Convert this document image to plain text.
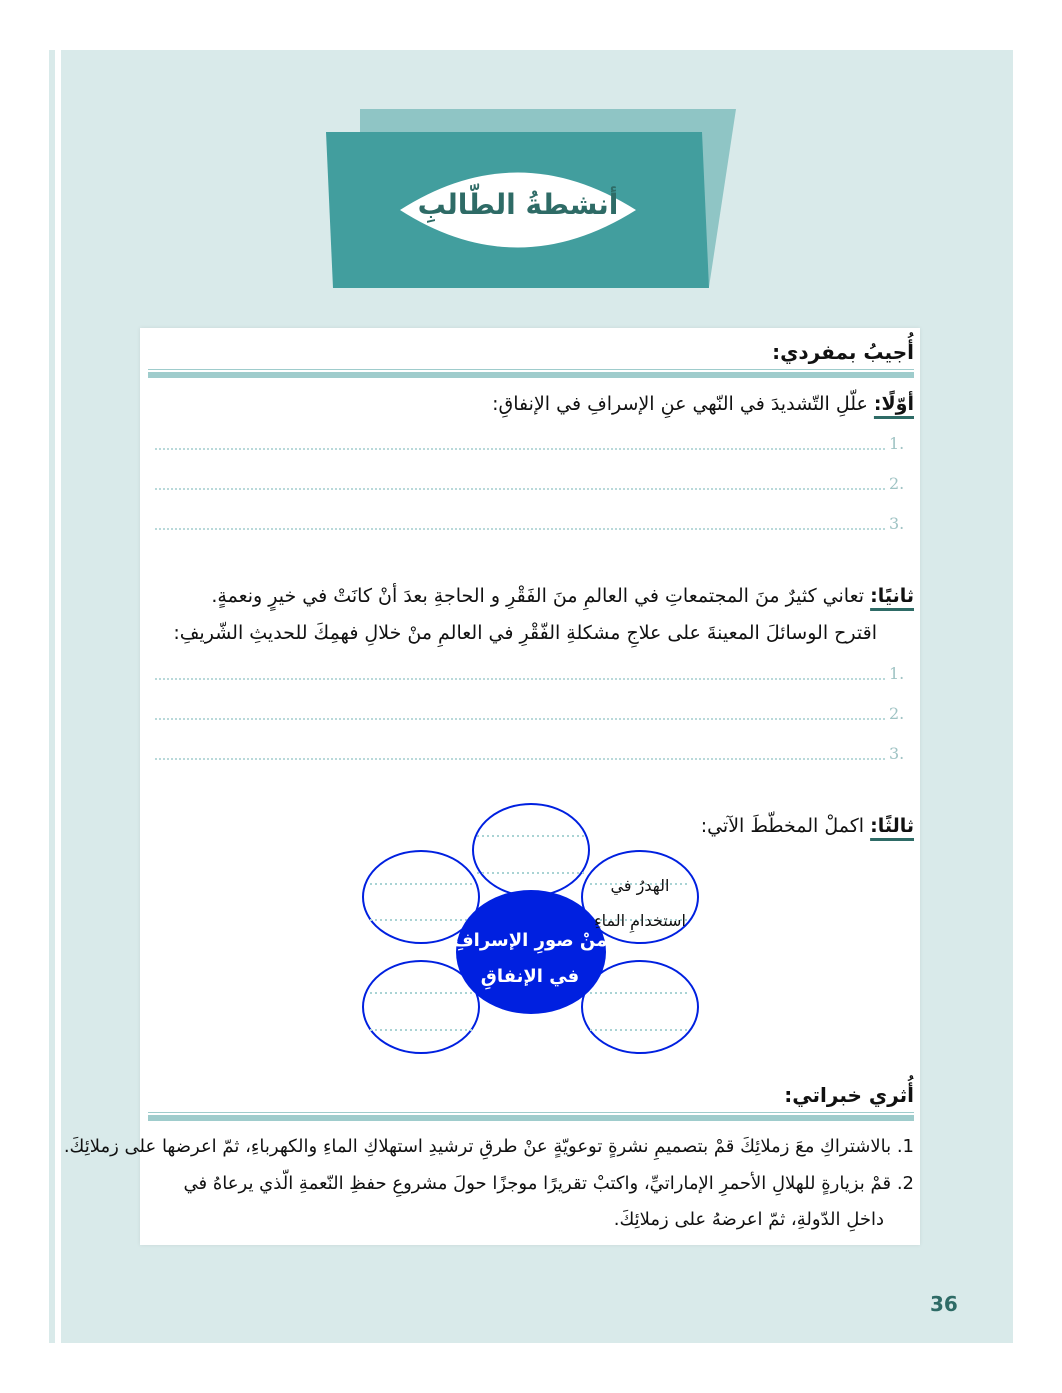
أنشطةُ الطّالبِ
أُجيبُ بمفردي:
أوّلًا: علّلِ التّشديدَ في النّهي عنِ الإسرافِ في الإنفاقِ:
1.
2.
3.
ثانيًا: تعاني كثيرٌ منَ المجتمعاتِ في العالمِ منَ الفَقْرِ و الحاجةِ بعدَ أنْ كانَتْ في خيرٍ ونعمةٍ.
اقترح الوسائلَ المعينةَ على علاجِ مشكلةِ الفّقْرِ في العالمِ منْ خلالِ فهمِكَ للحديثِ الشّريفِ:
1.
2.
3.
ثالثًا: اكملْ المخطّطَ الآتي:
منْ صورِ الإسرافِ
في الإنفاقِ
الهدرُ في
استخدامِ الماءِ
أُثري خبراتي:
1. بالاشتراكِ معَ زملائِكَ قمْ بتصميمِ نشرةٍ توعويّةٍ عنْ طرقِ ترشيدِ استهلاكِ الماءِ والكهرباءِ، ثمّ اعرضها على زملائِكَ.
2. قمْ بزيارةٍ للهلالِ الأحمرِ الإماراتيِّ، واكتبْ تقريرًا موجزًا حولَ مشروعِ حفظِ النّعمةِ الّذي يرعاهُ في
داخلِ الدّولةِ، ثمّ اعرضهُ على زملائِكَ.
36
